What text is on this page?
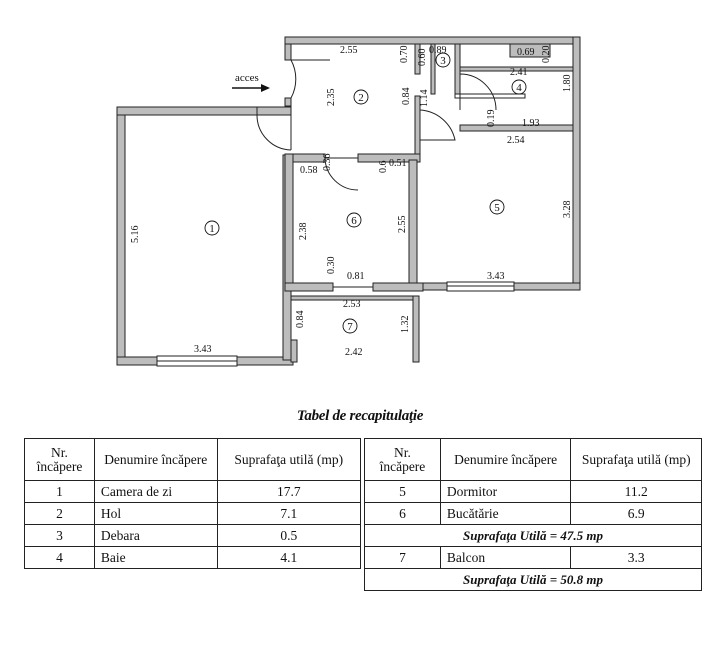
acces
1
2
3
4
5
6
7
3.43
5.16
2.55
2.35
0.70 0.89
0.60
0.84 1.14
0.69 0.20
2.41
1.80
0.19	1.93
2.54
3.28
3.43
0.58 0.36	0.51
0.6
2.38	2.55
0.30
0.81
2.53
0.84	1.32
2.42
Tabel de recapitulaţie
Nr. încăpere	Denumire încăpere	Suprafaţa utilă (mp)
1	Camera de zi	17.7
2	Hol	7.1
3	Debara	0.5
4	Baie	4.1
Nr. încăpere	Denumire încăpere	Suprafaţa utilă (mp)
5	Dormitor	11.2
6	Bucătărie	6.9
Suprafaţa Utilă = 47.5 mp		
7	Balcon	3.3
Suprafaţa Utilă = 50.8 mp		
